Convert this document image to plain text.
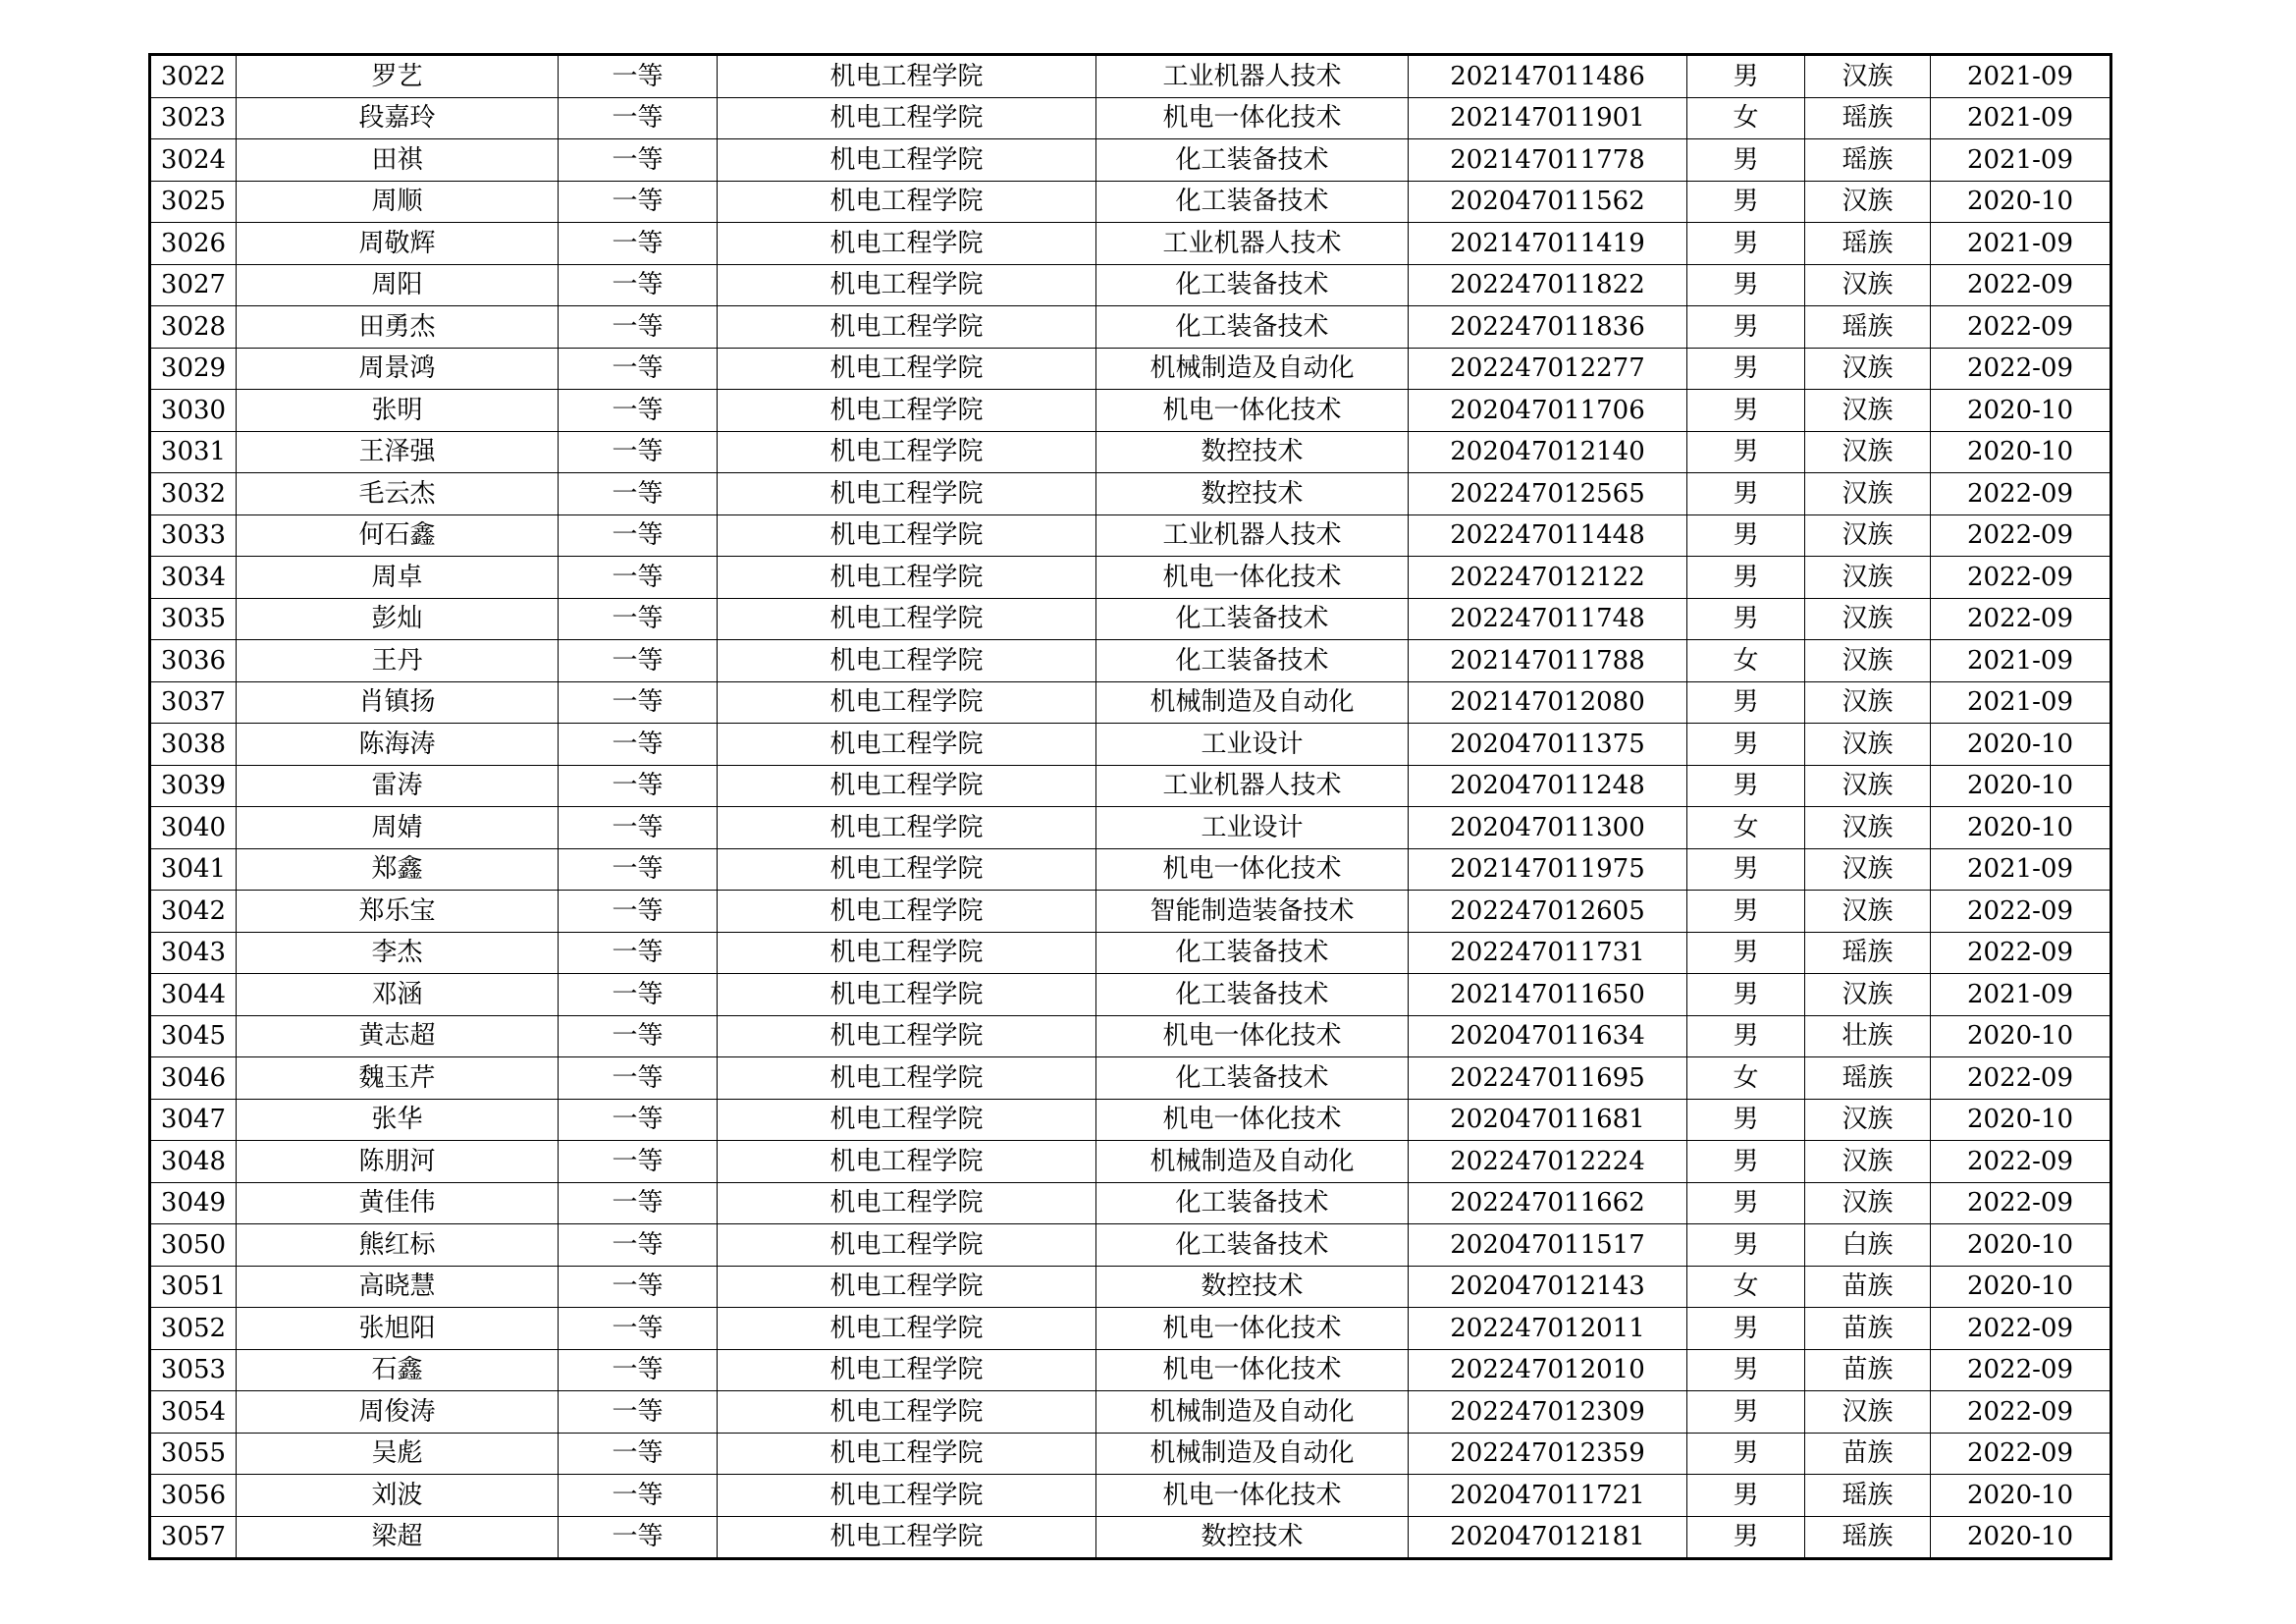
3022	罗艺	一等	机电工程学院	工业机器人技术	202147011486	男	汉族	2021-09
3023	段嘉玲	一等	机电工程学院	机电一体化技术	202147011901	女	瑶族	2021-09
3024	田祺	一等	机电工程学院	化工装备技术	202147011778	男	瑶族	2021-09
3025	周顺	一等	机电工程学院	化工装备技术	202047011562	男	汉族	2020-10
3026	周敬辉	一等	机电工程学院	工业机器人技术	202147011419	男	瑶族	2021-09
3027	周阳	一等	机电工程学院	化工装备技术	202247011822	男	汉族	2022-09
3028	田勇杰	一等	机电工程学院	化工装备技术	202247011836	男	瑶族	2022-09
3029	周景鸿	一等	机电工程学院	机械制造及自动化	202247012277	男	汉族	2022-09
3030	张明	一等	机电工程学院	机电一体化技术	202047011706	男	汉族	2020-10
3031	王泽强	一等	机电工程学院	数控技术	202047012140	男	汉族	2020-10
3032	毛云杰	一等	机电工程学院	数控技术	202247012565	男	汉族	2022-09
3033	何石鑫	一等	机电工程学院	工业机器人技术	202247011448	男	汉族	2022-09
3034	周卓	一等	机电工程学院	机电一体化技术	202247012122	男	汉族	2022-09
3035	彭灿	一等	机电工程学院	化工装备技术	202247011748	男	汉族	2022-09
3036	王丹	一等	机电工程学院	化工装备技术	202147011788	女	汉族	2021-09
3037	肖镇扬	一等	机电工程学院	机械制造及自动化	202147012080	男	汉族	2021-09
3038	陈海涛	一等	机电工程学院	工业设计	202047011375	男	汉族	2020-10
3039	雷涛	一等	机电工程学院	工业机器人技术	202047011248	男	汉族	2020-10
3040	周婧	一等	机电工程学院	工业设计	202047011300	女	汉族	2020-10
3041	郑鑫	一等	机电工程学院	机电一体化技术	202147011975	男	汉族	2021-09
3042	郑乐宝	一等	机电工程学院	智能制造装备技术	202247012605	男	汉族	2022-09
3043	李杰	一等	机电工程学院	化工装备技术	202247011731	男	瑶族	2022-09
3044	邓涵	一等	机电工程学院	化工装备技术	202147011650	男	汉族	2021-09
3045	黄志超	一等	机电工程学院	机电一体化技术	202047011634	男	壮族	2020-10
3046	魏玉芹	一等	机电工程学院	化工装备技术	202247011695	女	瑶族	2022-09
3047	张华	一等	机电工程学院	机电一体化技术	202047011681	男	汉族	2020-10
3048	陈朋河	一等	机电工程学院	机械制造及自动化	202247012224	男	汉族	2022-09
3049	黄佳伟	一等	机电工程学院	化工装备技术	202247011662	男	汉族	2022-09
3050	熊红标	一等	机电工程学院	化工装备技术	202047011517	男	白族	2020-10
3051	高晓慧	一等	机电工程学院	数控技术	202047012143	女	苗族	2020-10
3052	张旭阳	一等	机电工程学院	机电一体化技术	202247012011	男	苗族	2022-09
3053	石鑫	一等	机电工程学院	机电一体化技术	202247012010	男	苗族	2022-09
3054	周俊涛	一等	机电工程学院	机械制造及自动化	202247012309	男	汉族	2022-09
3055	吴彪	一等	机电工程学院	机械制造及自动化	202247012359	男	苗族	2022-09
3056	刘波	一等	机电工程学院	机电一体化技术	202047011721	男	瑶族	2020-10
3057	梁超	一等	机电工程学院	数控技术	202047012181	男	瑶族	2020-10
